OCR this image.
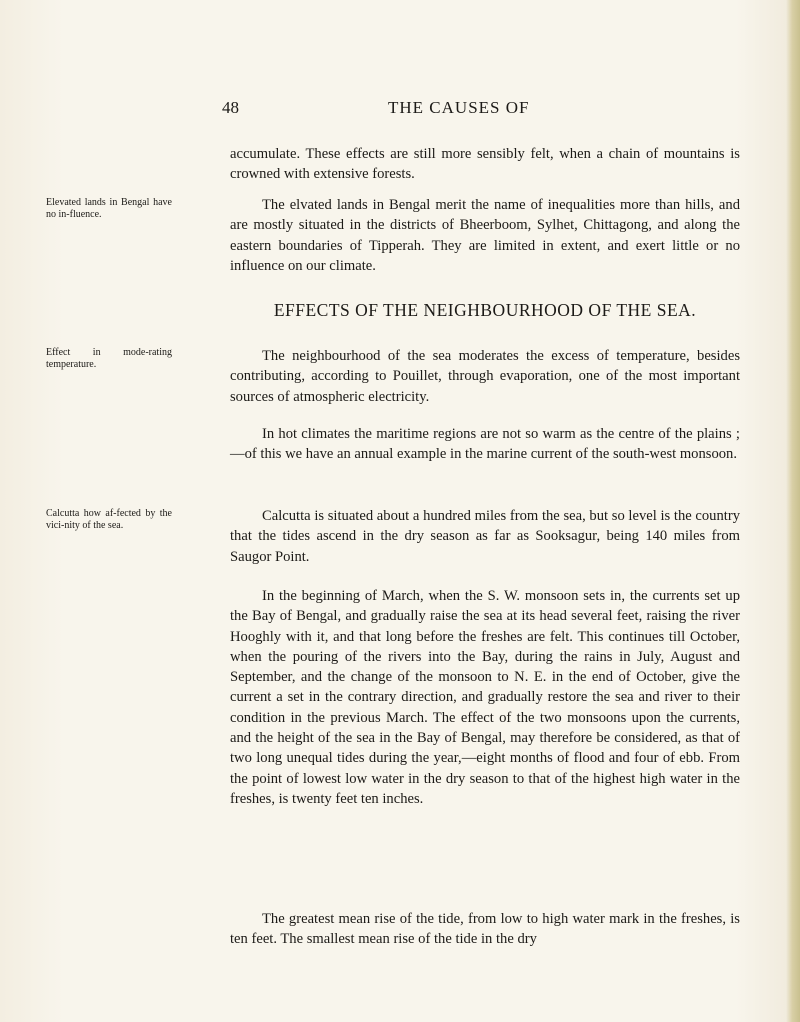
48	THE CAUSES OF
accumulate. These effects are still more sensibly felt, when a chain of mountains is crowned with extensive forests.
Elevated lands in Bengal have no in-fluence.
The elvated lands in Bengal merit the name of inequalities more than hills, and are mostly situated in the districts of Bheerboom, Sylhet, Chittagong, and along the eastern boundaries of Tipperah. They are limited in extent, and exert little or no influence on our climate.
EFFECTS OF THE NEIGHBOURHOOD OF THE SEA.
Effect in mode-rating temperature.	The neighbourhood of the sea moderates the excess of temperature, besides contributing, according to Pouillet, through evaporation, one of the most important sources of atmospheric electricity.
In hot climates the maritime regions are not so warm as the centre of the plains ;—of this we have an annual example in the marine current of the south-west monsoon.
Calcutta how af-fected by the vici-nity of the sea.
Calcutta is situated about a hundred miles from the sea, but so level is the country that the tides ascend in the dry season as far as Sooksagur, being 140 miles from Saugor Point.
In the beginning of March, when the S. W. monsoon sets in, the currents set up the Bay of Bengal, and gradually raise the sea at its head several feet, raising the river Hooghly with it, and that long before the freshes are felt. This continues till October, when the pouring of the rivers into the Bay, during the rains in July, August and September, and the change of the monsoon to N. E. in the end of October, give the current a set in the contrary direction, and gradually restore the sea and river to their condition in the previous March. The effect of the two monsoons upon the currents, and the height of the sea in the Bay of Bengal, may therefore be considered, as that of two long unequal tides during the year,—eight months of flood and four of ebb. From the point of lowest low water in the dry season to that of the highest high water in the freshes, is twenty feet ten inches.
The greatest mean rise of the tide, from low to high water mark in the freshes, is ten feet. The smallest mean rise of the tide in the dry
